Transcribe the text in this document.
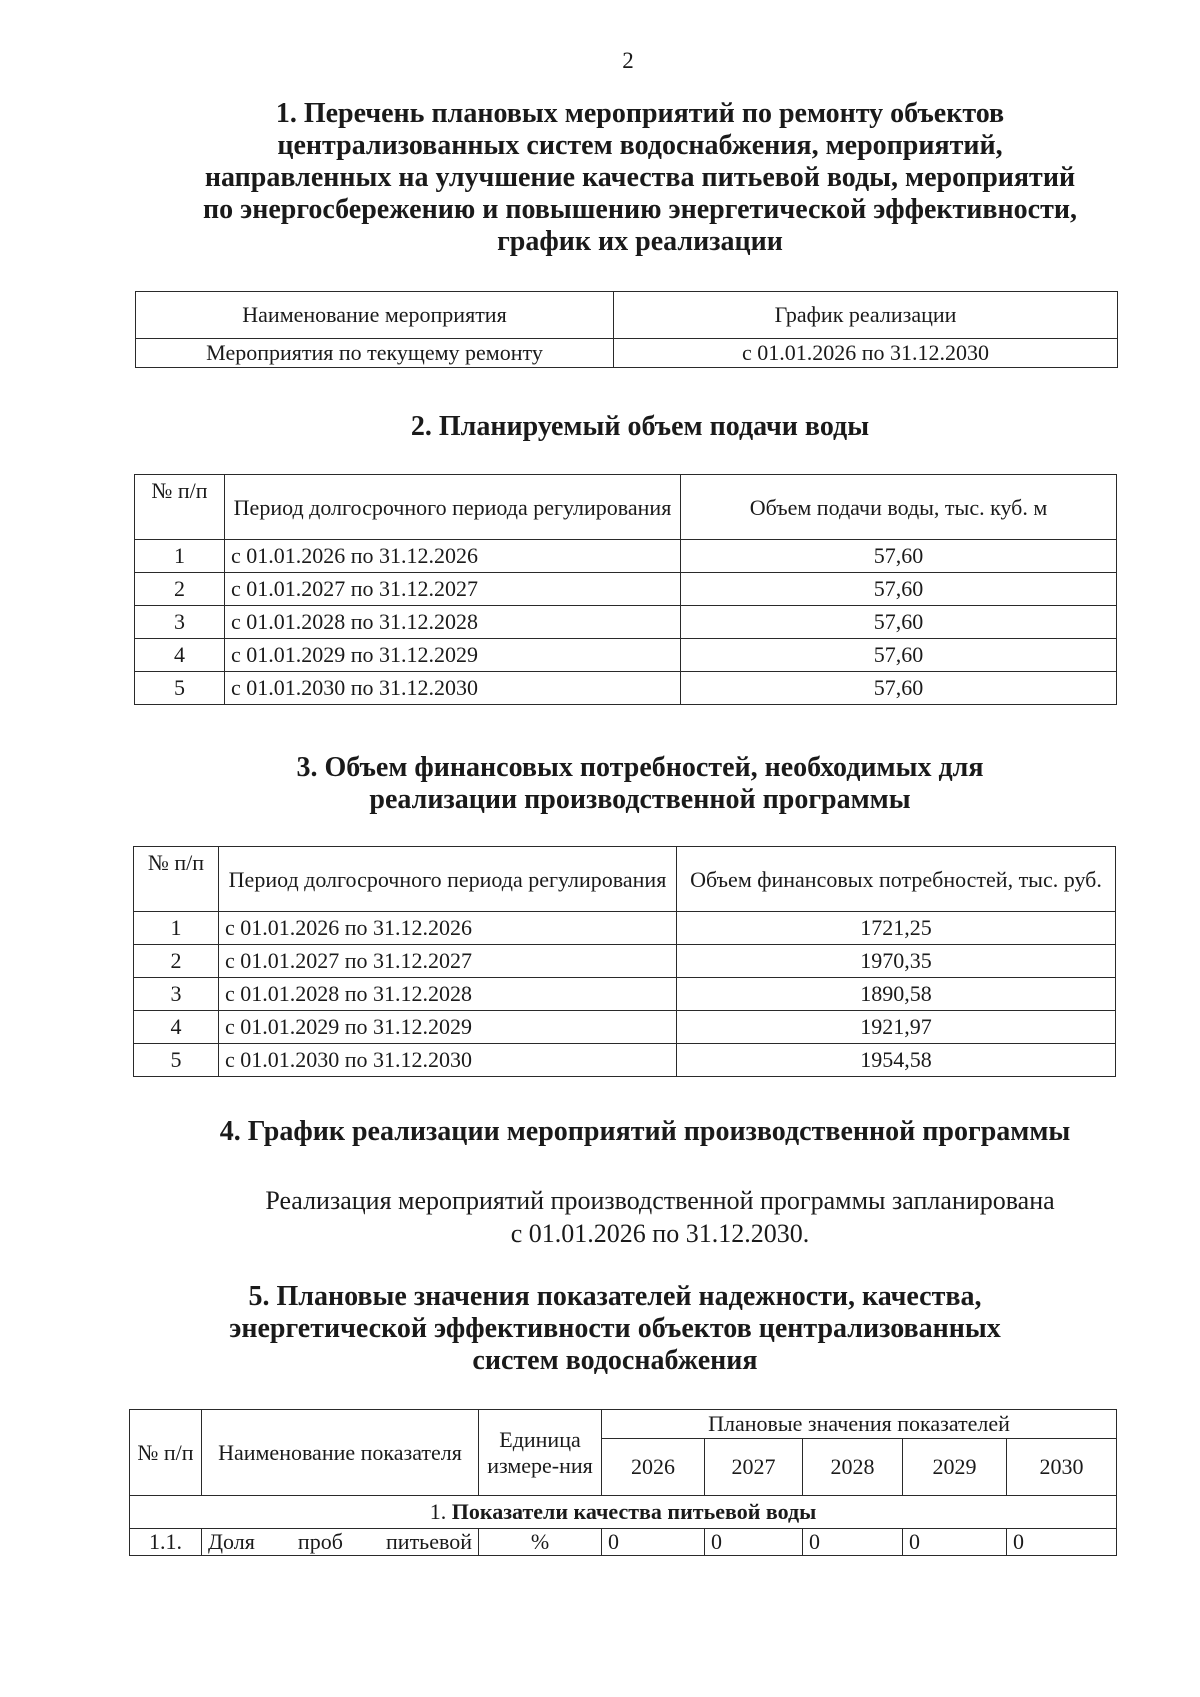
2
1. Перечень плановых мероприятий по ремонту объектов централизованных систем водоснабжения, мероприятий, направленных на улучшение качества питьевой воды, мероприятий по энергосбережению и повышению энергетической эффективности, график их реализации
Наименование мероприятия	График реализации
Мероприятия по текущему ремонту	с 01.01.2026 по 31.12.2030
2. Планируемый объем подачи воды
№ п/п	Период долгосрочного периода регулирования	Объем подачи воды, тыс. куб. м
1	с 01.01.2026 по 31.12.2026	57,60
2	с 01.01.2027 по 31.12.2027	57,60
3	с 01.01.2028 по 31.12.2028	57,60
4	с 01.01.2029 по 31.12.2029	57,60
5	с 01.01.2030 по 31.12.2030	57,60
3. Объем финансовых потребностей, необходимых для реализации производственной программы
№ п/п	Период долгосрочного периода регулирования	Объем финансовых потребностей, тыс. руб.
1	с 01.01.2026 по 31.12.2026	1721,25
2	с 01.01.2027 по 31.12.2027	1970,35
3	с 01.01.2028 по 31.12.2028	1890,58
4	с 01.01.2029 по 31.12.2029	1921,97
5	с 01.01.2030 по 31.12.2030	1954,58
4. График реализации мероприятий производственной программы
Реализация мероприятий производственной программы запланирована с 01.01.2026 по 31.12.2030.
5. Плановые значения показателей надежности, качества, энергетической эффективности объектов централизованных систем водоснабжения
№ п/п	Наименование показателя	Единица измере-ния	Плановые значения показателей				
			2026	2027	2028	2029	2030
1. Показатели качества питьевой воды							
1.1.	Доля проб питьевой	%	0	0	0	0	0
